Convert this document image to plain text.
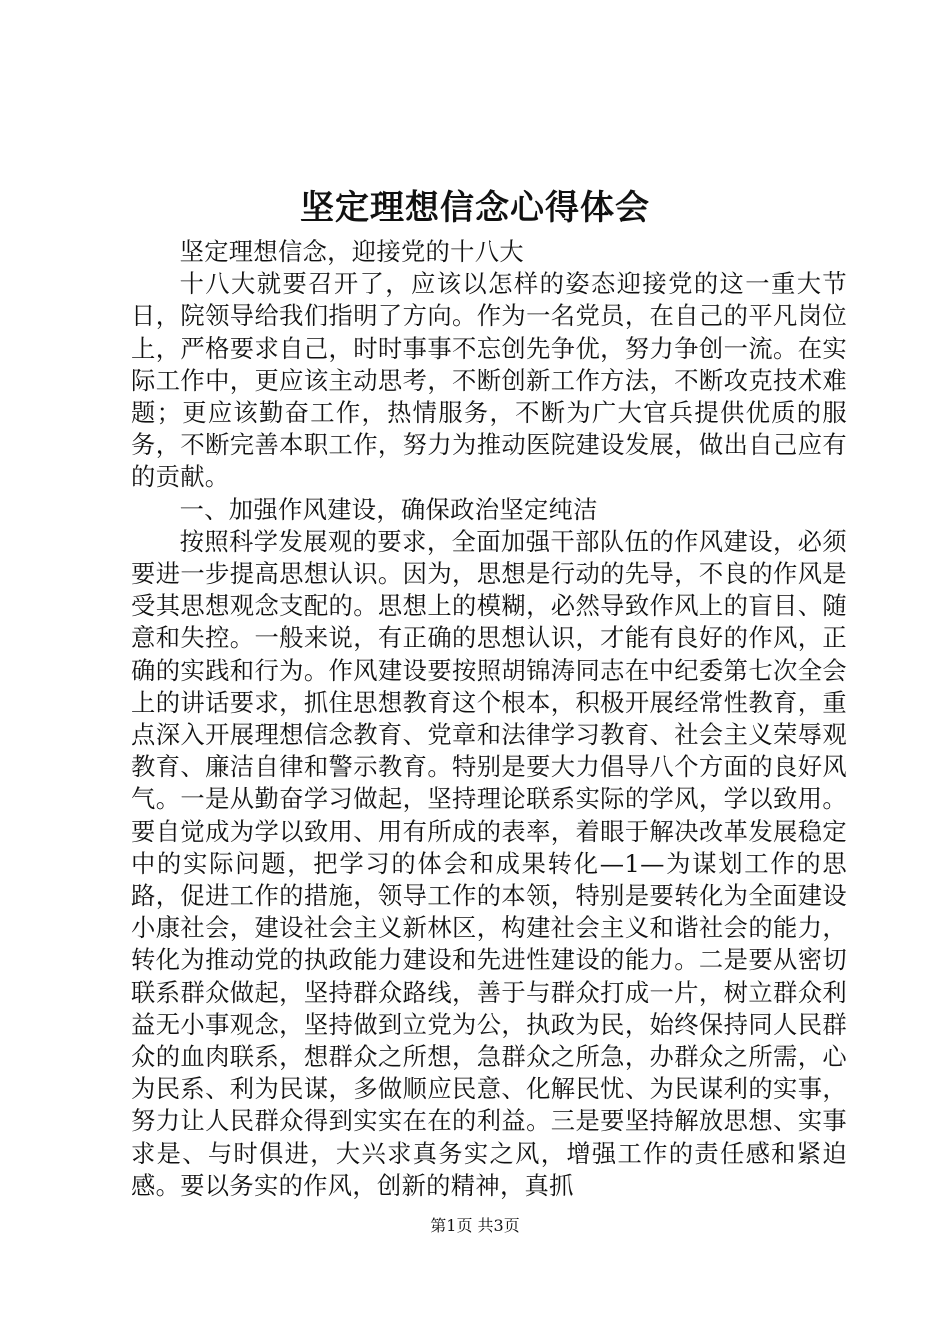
坚定理想信念心得体会

坚定理想信念，迎接党的十八大

十八大就要召开了，应该以怎样的姿态迎接党的这一重大节日，院领导给我们指明了方向。作为一名党员，在自己的平凡岗位上，严格要求自己，时时事事不忘创先争优，努力争创一流。在实际工作中，更应该主动思考，不断创新工作方法，不断攻克技术难题；更应该勤奋工作，热情服务，不断为广大官兵提供优质的服务，不断完善本职工作，努力为推动医院建设发展，做出自己应有的贡献。

一、加强作风建设，确保政治坚定纯洁

按照科学发展观的要求，全面加强干部队伍的作风建设，必须要进一步提高思想认识。因为，思想是行动的先导，不良的作风是受其思想观念支配的。思想上的模糊，必然导致作风上的盲目、随意和失控。一般来说，有正确的思想认识，才能有良好的作风，正确的实践和行为。作风建设要按照胡锦涛同志在中纪委第七次全会上的讲话要求，抓住思想教育这个根本，积极开展经常性教育，重点深入开展理想信念教育、党章和法律学习教育、社会主义荣辱观教育、廉洁自律和警示教育。特别是要大力倡导八个方面的良好风气。一是从勤奋学习做起，坚持理论联系实际的学风，学以致用。要自觉成为学以致用、用有所成的表率，着眼于解决改革发展稳定中的实际问题，把学习的体会和成果转化—1—为谋划工作的思路，促进工作的措施，领导工作的本领，特别是要转化为全面建设小康社会，建设社会主义新林区，构建社会主义和谐社会的能力，转化为推动党的执政能力建设和先进性建设的能力。二是要从密切联系群众做起，坚持群众路线，善于与群众打成一片，树立群众利益无小事观念，坚持做到立党为公，执政为民，始终保持同人民群众的血肉联系，想群众之所想，急群众之所急，办群众之所需，心为民系、利为民谋，多做顺应民意、化解民忧、为民谋利的实事，努力让人民群众得到实实在在的利益。三是要坚持解放思想、实事求是、与时俱进，大兴求真务实之风，增强工作的责任感和紧迫感。要以务实的作风，创新的精神，真抓

第1页 共3页
